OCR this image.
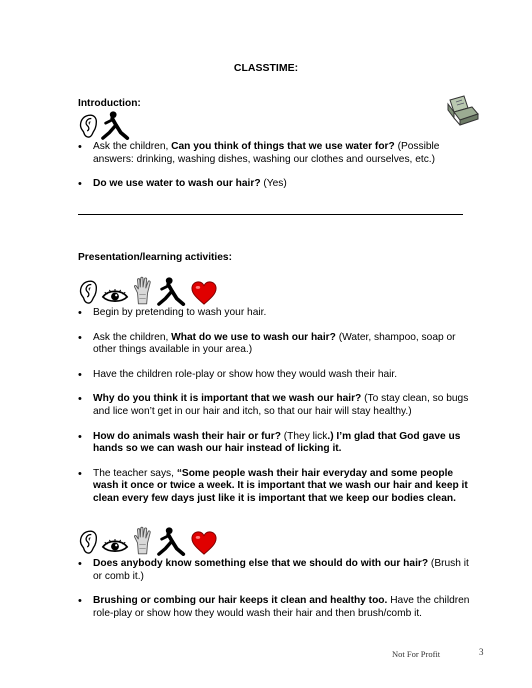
CLASSTIME:
Introduction:
• Ask the children, Can you think of things that we use water for? (Possible answers: drinking, washing dishes, washing our clothes and ourselves, etc.)
• Do we use water to wash our hair? (Yes)
Presentation/learning activities:
• Begin by pretending to wash your hair.
• Ask the children, What do we use to wash our hair? (Water, shampoo, soap or other things available in your area.)
• Have the children role-play or show how they would wash their hair.
• Why do you think it is important that we wash our hair? (To stay clean, so bugs and lice won’t get in our hair and itch, so that our hair will stay healthy.)
• How do animals wash their hair or fur? (They lick.) I’m glad that God gave us hands so we can wash our hair instead of licking it.
• The teacher says, “Some people wash their hair everyday and some people wash it once or twice a week. It is important that we wash our hair and keep it clean every few days just like it is important that we keep our bodies clean.
• Does anybody know something else that we should do with our hair? (Brush it or comb it.)
• Brushing or combing our hair keeps it clean and healthy too. Have the children role-play or show how they would wash their hair and then brush/comb it.
Not For Profit	3
